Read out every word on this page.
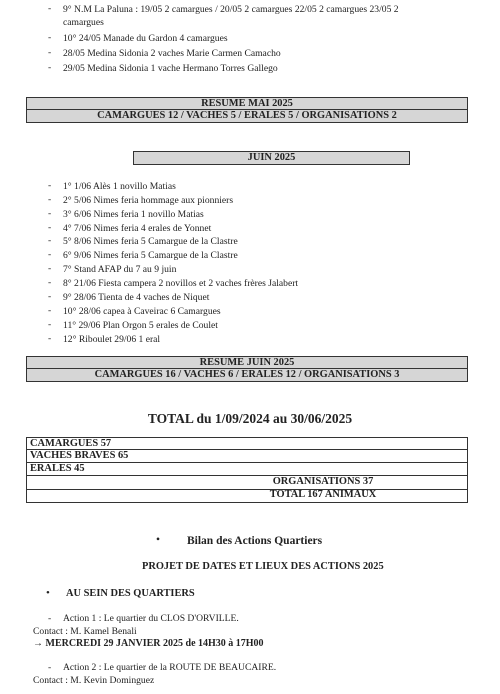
- 9° N.M La Paluna : 19/05 2 camargues / 20/05 2 camargues 22/05 2 camargues 23/05 2
camargues
- 10° 24/05 Manade du Gardon 4 camargues
- 28/05 Medina Sidonia 2 vaches Marie Carmen Camacho
- 29/05 Medina Sidonia 1 vache Hermano Torres Gallego
RESUME MAI 2025
CAMARGUES 12 / VACHES 5 / ERALES 5 / ORGANISATIONS 2
JUIN 2025
- 1° 1/06 Alès 1 novillo Matias
- 2° 5/06 Nimes feria hommage aux pionniers
- 3° 6/06 Nimes feria 1 novillo Matias
- 4° 7/06 Nimes feria 4 erales de Yonnet
- 5° 8/06 Nimes feria 5 Camargue de la Clastre
- 6° 9/06 Nimes feria 5 Camargue de la Clastre
- 7° Stand AFAP du 7 au 9 juin
- 8° 21/06 Fiesta campera 2 novillos et 2 vaches frères Jalabert
- 9° 28/06 Tienta de 4 vaches de Niquet
- 10° 28/06 capea à Caveirac 6 Camargues
- 11° 29/06 Plan Orgon 5 erales de Coulet
- 12° Riboulet 29/06 1 eral
RESUME JUIN 2025
CAMARGUES 16 / VACHES 6 / ERALES 12 / ORGANISATIONS 3
TOTAL du 1/09/2024 au 30/06/2025
CAMARGUES 57
VACHES BRAVES 65
ERALES 45
ORGANISATIONS 37
TOTAL 167 ANIMAUX
• Bilan des Actions Quartiers
PROJET DE DATES ET LIEUX DES ACTIONS 2025
• AU SEIN DES QUARTIERS
- Action 1 : Le quartier du CLOS D'ORVILLE.
Contact : M. Kamel Benali
→ MERCREDI 29 JANVIER 2025 de 14H30 à 17H00
- Action 2 : Le quartier de la ROUTE DE BEAUCAIRE.
Contact : M. Kevin Dominguez
